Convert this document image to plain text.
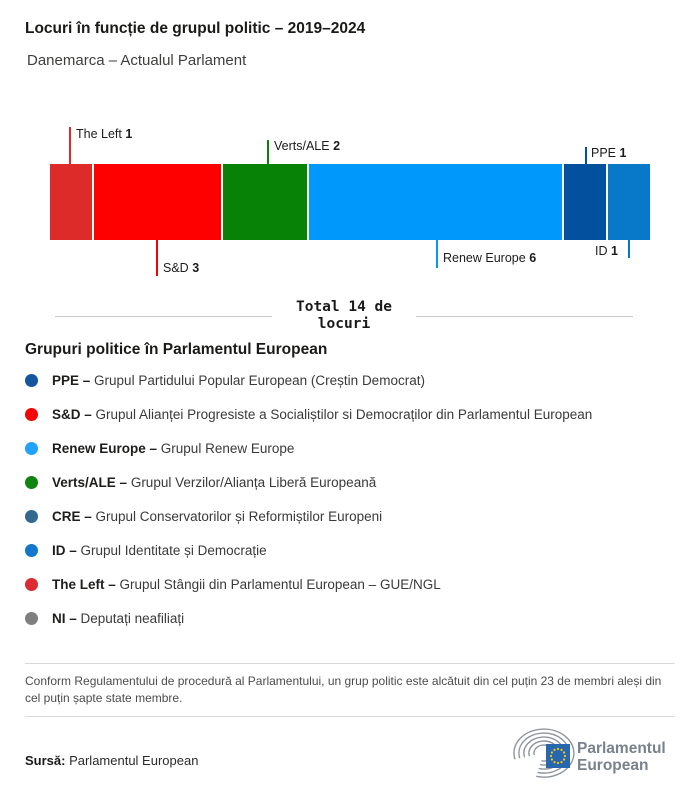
Locuri în funcție de grupul politic – 2019–2024
Danemarca – Actualul Parlament
The Left 1
S&D 3
Verts/ALE 2
Renew Europe 6
PPE 1
ID 1
Total 14 de locuri
Grupuri politice în Parlamentul European
PPE – Grupul Partidului Popular European (Creștin Democrat)
S&D – Grupul Alianței Progresiste a Socialiștilor si Democraților din Parlamentul European
Renew Europe – Grupul Renew Europe
Verts/ALE – Grupul Verzilor/Alianța Liberă Europeană
CRE – Grupul Conservatorilor și Reformiștilor Europeni
ID – Grupul Identitate și Democrație
The Left – Grupul Stângii din Parlamentul European – GUE/NGL
NI – Deputați neafiliați
Conform Regulamentului de procedură al Parlamentului, un grup politic este alcătuit din cel puțin 23 de membri aleși din cel puțin șapte state membre.
Sursă: Parlamentul European
Parlamentul
European
